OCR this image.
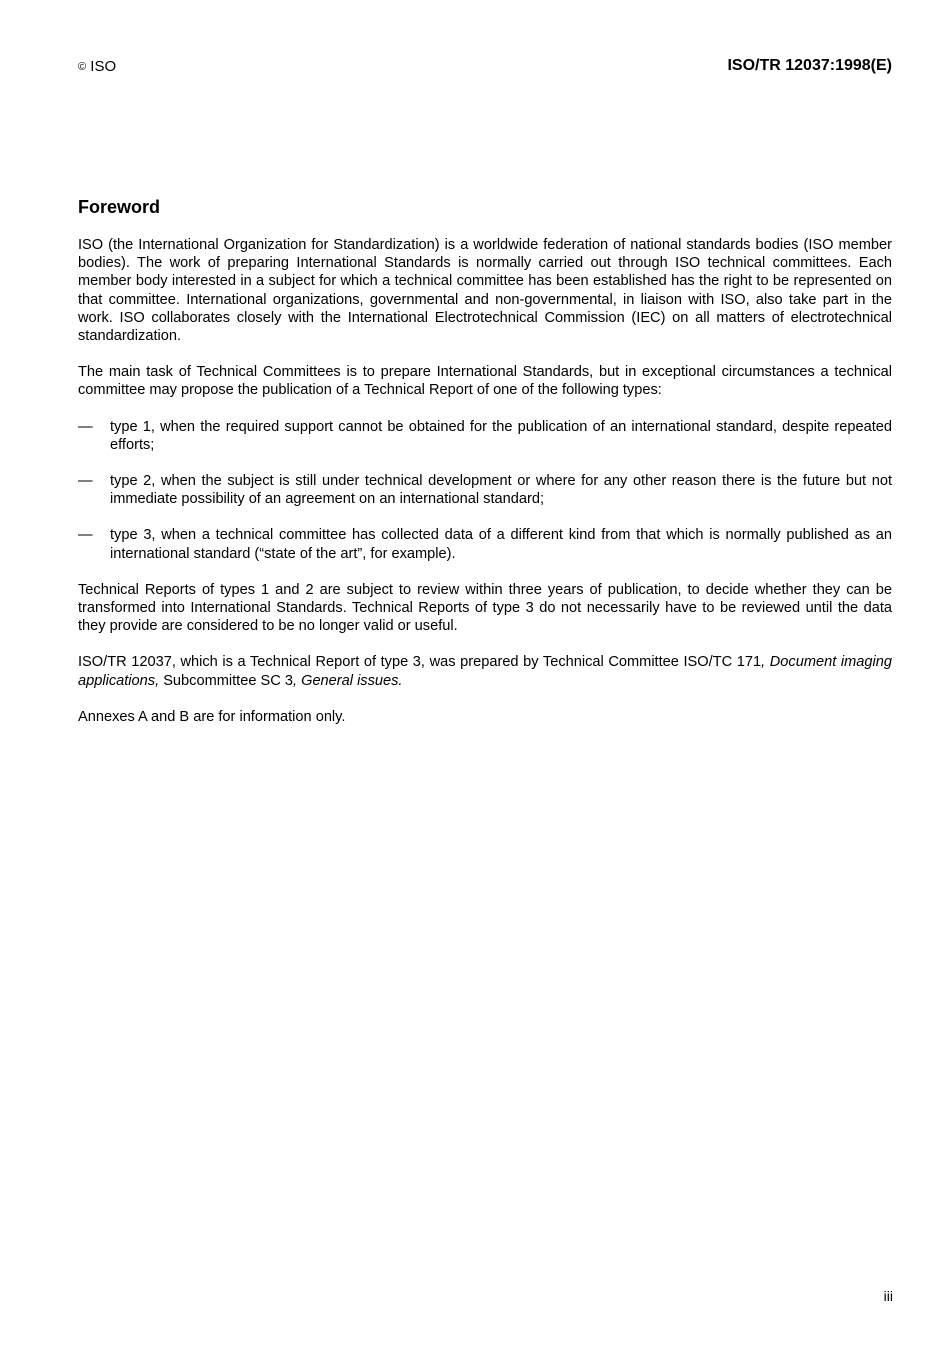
© ISO	ISO/TR 12037:1998(E)
Foreword

ISO (the International Organization for Standardization) is a worldwide federation of national standards bodies (ISO member bodies). The work of preparing International Standards is normally carried out through ISO technical committees. Each member body interested in a subject for which a technical committee has been established has the right to be represented on that committee. International organizations, governmental and non-governmental, in liaison with ISO, also take part in the work. ISO collaborates closely with the International Electrotechnical Commission (IEC) on all matters of electrotechnical standardization.

The main task of Technical Committees is to prepare International Standards, but in exceptional circumstances a technical committee may propose the publication of a Technical Report of one of the following types:

— type 1, when the required support cannot be obtained for the publication of an international standard, despite repeated efforts;
— type 2, when the subject is still under technical development or where for any other reason there is the future but not immediate possibility of an agreement on an international standard;
— type 3, when a technical committee has collected data of a different kind from that which is normally published as an international standard (“state of the art”, for example).

Technical Reports of types 1 and 2 are subject to review within three years of publication, to decide whether they can be transformed into International Standards. Technical Reports of type 3 do not necessarily have to be reviewed until the data they provide are considered to be no longer valid or useful.

ISO/TR 12037, which is a Technical Report of type 3, was prepared by Technical Committee ISO/TC 171, Document imaging applications, Subcommittee SC 3, General issues.

Annexes A and B are for information only.

iii
